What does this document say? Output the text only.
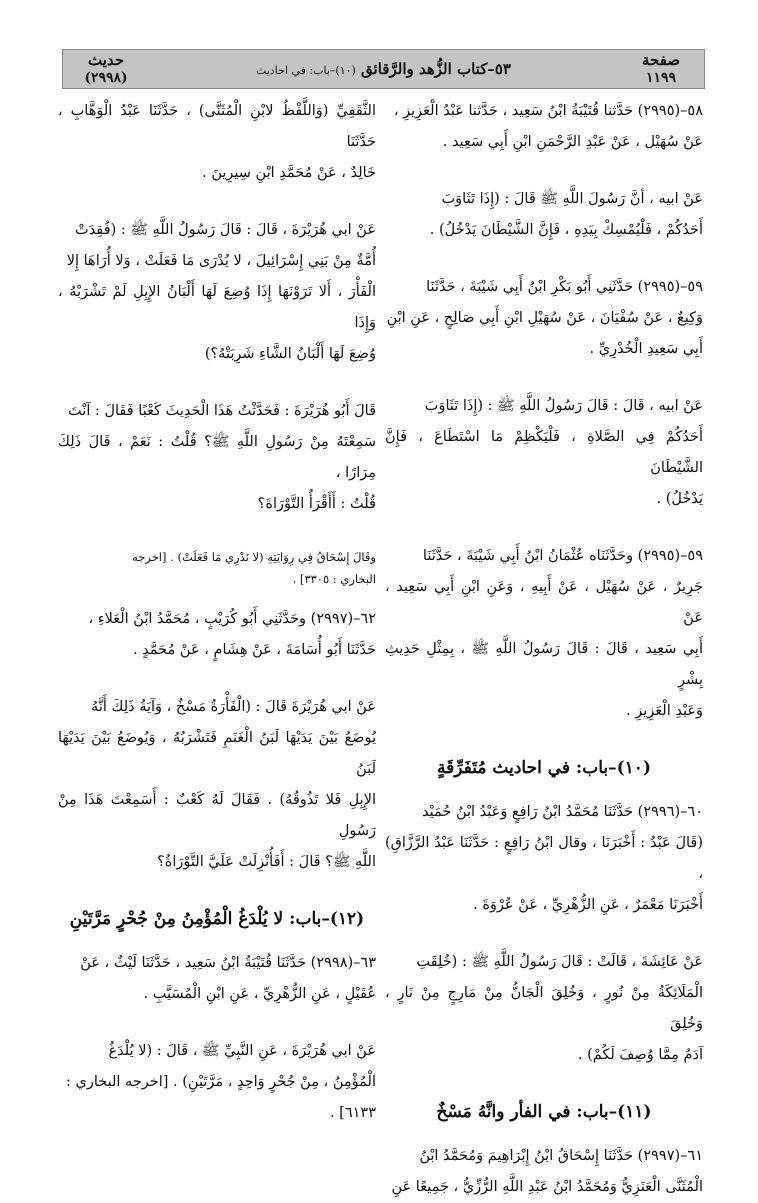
حديث
(٢٩٩٨)	٥٣–كتاب الزُّهد والرَّقائق (١٠)–باب: في احاديث
صفحة
١١٩٩

٥٨–(٢٩٩٥) حَدَّثنا قُتَيْبَةُ ابْنُ سَعِيد ، حَدَّثنا عَبْدُ الْعَزِيزِ ،
عَنْ سُهَيْل ، عَنْ عَبْدِ الرَّحْمَنِ ابْنِ أَبِي سَعِيد .

عَنْ ابيه ، أنَّ رَسُولَ اللَّهِ ﷺ قَالَ : (إِذَا تَثَاوَبَ
أَحَدُكُمْ ، فَلْيُمْسِكْ بِيَدِهِ ، فَإِنَّ الشَّيْطَانَ يَدْخُلُ) .

٥٩–(٢٩٩٥) حَدَّثَنِي أَبُو بَكْرِ ابْنُ أَبِي شَيْبَةَ ، حَدَّثَنَا
وَكِيعٌ ، عَنْ سُفْيَانَ ، عَنْ سُهَيْلِ ابْنِ أَبِي صَالِحٍ ، عَنِ ابْنِ
أَبِي سَعِيدِ الْخُدْرِيِّ .

عَنْ ابيه ، قَالَ : قَالَ رَسُولُ اللَّهِ ﷺ : (إِذَا تَثَاوَبَ
أَحَدُكُمْ فِي الصَّلاةِ ، فَلْيَكْظِمْ مَا اسْتَطَاعَ ، فَإِنَّ الشَّيْطَانَ
يَدْخُلُ) .

٥٩–(٢٩٩٥) وحَدَّثَنَاه عُثْمَانُ ابْنُ أَبِي شَيْبَةَ ، حَدَّثَنَا
جَرِيرٌ ، عَنْ سُهَيْل ، عَنْ أَبِيهِ ، وَعَنِ ابْنِ أَبِي سَعِيد ، عَنْ
أَبِي سَعِيد ، قَالَ : قَالَ رَسُولُ اللَّهِ ﷺ ، بِمِثْلِ حَدِيثِ بِشْرٍ
وَعَبْدِ الْعَزِيزِ .

(١٠)–باب: في احاديث مُتَفَرِّقَةٍ

٦٠–(٢٩٩٦) حَدَّثَنَا مُحَمَّدُ ابْنُ رَافِعٍ وَعَبْدُ ابْنُ حُمَيْد
(قَالَ عَبْدٌ : أَخْبَرَنَا ، وقال ابْنُ رَافِعٍ : حَدَّثَنَا عَبْدُ الرَّزَّاقِ) ،
أَخْبَرَنَا مَعْمَرٌ ، عَنِ الزُّهْرِيِّ ، عَنْ عُرْوَةَ .

عَنْ عَائِشَةَ ، قَالَتْ : قَالَ رَسُولُ اللَّهِ ﷺ : (خُلِقَتِ
الْمَلَائِكَةُ مِنْ نُورٍ ، وَخُلِقَ الْجَانُّ مِنْ مَارِجٍ مِنْ نَارٍ ، وَخُلِقَ
آدَمُ مِمَّا وُصِفَ لَكُمْ) .

(١١)–باب: في الفأر وانَّهُ مَسْخٌ

٦١–(٢٩٩٧) حَدَّثَنَا إِسْحَاقُ ابْنُ إِبْرَاهِيمَ وَمُحَمَّدُ ابْنُ
الْمُثَنَّى الْعَنَزِيُّ وَمُحَمَّدُ ابْنُ عَبْدِ اللَّهِ الرُّزِّيُّ ، جَمِيعًا عَنِ

الثَّقَفِيِّ (وَاللَّفْظُ لابْنِ الْمُثَنَّى) ، حَدَّثَنَا عَبْدُ الْوَهَّابِ ، حَدَّثَنَا
خَالِدٌ ، عَنْ مُحَمَّدِ ابْنِ سِيرِينَ .

عَنْ ابي هُرَيْرَةَ ، قَالَ : قَالَ رَسُولُ اللَّهِ ﷺ : (فُقِدَتْ
أُمَّةٌ مِنْ بَنِي إِسْرَائِيلَ ، لا يُدْرَى مَا فَعَلَتْ ، وَلا أُرَاهَا إِلا
الْفَأْرَ ، أَلا تَرَوْنَهَا إِذَا وُضِعَ لَهَا أَلْبَانُ الإِبِلِ لَمْ تَشْرَبْهُ ، وَإِذَا
وُضِعَ لَهَا أَلْبَانُ الشَّاءِ شَرِبَتْهُ؟)

قَالَ أَبُو هُرَيْرَةَ : فَحَدَّثْتُ هَذَا الْحَدِيثَ كَعْبًا فَقَالَ : آنْتَ
سَمِعْتَهُ مِنْ رَسُولِ اللَّهِ ﷺ؟ قُلْتُ : نَعَمْ ، قَالَ ذَلِكَ مِرَارًا ،
قُلْتُ : أَأَقْرَأُ التَّوْرَاةَ؟

وقَالَ إِسْحَاقُ فِي رِوَايَتِهِ (لا نَدْرِي مَا فَعَلَتْ) . [اخرجه
البخاري : ٣٣٠٥] .

٦٢–(٢٩٩٧) وحَدَّثَنِي أَبُو كُرَيْبٍ ، مُحَمَّدُ ابْنُ الْعَلاءِ ،
حَدَّثَنَا أَبُو أُسَامَةَ ، عَنْ هِشَامٍ ، عَنْ مُحَمَّدٍ .

عَنْ ابي هُرَيْرَةَ قَالَ : (الْفَأْرَةُ مَسْخٌ ، وَآيَةُ ذَلِكَ أَنَّهُ
يُوضَعُ بَيْنَ يَدَيْهَا لَبَنُ الْغَنَمِ فَتَشْرَبُهُ ، وَيُوضَعُ بَيْنَ يَدَيْهَا لَبَنُ
الإِبِلِ فَلا تَذُوقُهُ) . فَقَالَ لَهُ كَعْبٌ : أَسَمِعْتَ هَذَا مِنْ رَسُولِ
اللَّهِ ﷺ؟ قَالَ : أَفَأُنْزِلَتْ عَلَيَّ التَّوْرَاةُ؟

(١٢)–باب: لا يُلْدَغُ الْمُؤْمِنُ مِنْ جُحْرٍ مَرَّتَيْنِ

٦٣–(٢٩٩٨) حَدَّثَنَا قُتَيْبَةُ ابْنُ سَعِيد ، حَدَّثَنَا لَيْثٌ ، عَنْ
عُقَيْلٍ ، عَنِ الزُّهْرِيِّ ، عَنِ ابْنِ الْمُسَيَّبِ .

عَنْ ابي هُرَيْرَةَ ، عَنِ النَّبِيِّ ﷺ ، قَالَ : (لا يُلْدَغُ
الْمُؤْمِنُ ، مِنْ جُحْرٍ وَاحِدٍ ، مَرَّتَيْنِ) . [اخرجه البخاري :
٦١٣٣] .
